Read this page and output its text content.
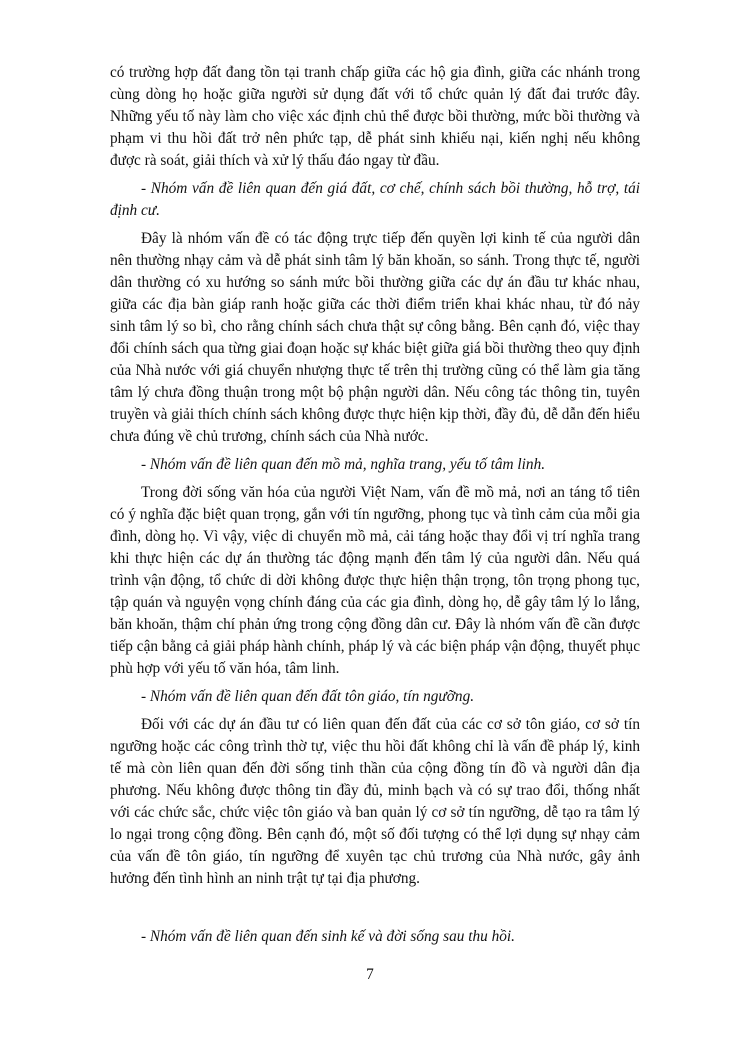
có trường hợp đất đang tồn tại tranh chấp giữa các hộ gia đình, giữa các nhánh trong cùng dòng họ hoặc giữa người sử dụng đất với tổ chức quản lý đất đai trước đây. Những yếu tố này làm cho việc xác định chủ thể được bồi thường, mức bồi thường và phạm vi thu hồi đất trở nên phức tạp, dễ phát sinh khiếu nại, kiến nghị nếu không được rà soát, giải thích và xử lý thấu đáo ngay từ đầu.

- Nhóm vấn đề liên quan đến giá đất, cơ chế, chính sách bồi thường, hỗ trợ, tái định cư.

Đây là nhóm vấn đề có tác động trực tiếp đến quyền lợi kinh tế của người dân nên thường nhạy cảm và dễ phát sinh tâm lý băn khoăn, so sánh. Trong thực tế, người dân thường có xu hướng so sánh mức bồi thường giữa các dự án đầu tư khác nhau, giữa các địa bàn giáp ranh hoặc giữa các thời điểm triển khai khác nhau, từ đó nảy sinh tâm lý so bì, cho rằng chính sách chưa thật sự công bằng. Bên cạnh đó, việc thay đổi chính sách qua từng giai đoạn hoặc sự khác biệt giữa giá bồi thường theo quy định của Nhà nước với giá chuyển nhượng thực tế trên thị trường cũng có thể làm gia tăng tâm lý chưa đồng thuận trong một bộ phận người dân. Nếu công tác thông tin, tuyên truyền và giải thích chính sách không được thực hiện kịp thời, đầy đủ, dễ dẫn đến hiểu chưa đúng về chủ trương, chính sách của Nhà nước.

- Nhóm vấn đề liên quan đến mồ mả, nghĩa trang, yếu tố tâm linh.

Trong đời sống văn hóa của người Việt Nam, vấn đề mồ mả, nơi an táng tổ tiên có ý nghĩa đặc biệt quan trọng, gắn với tín ngưỡng, phong tục và tình cảm của mỗi gia đình, dòng họ. Vì vậy, việc di chuyển mồ mả, cải táng hoặc thay đổi vị trí nghĩa trang khi thực hiện các dự án thường tác động mạnh đến tâm lý của người dân. Nếu quá trình vận động, tổ chức di dời không được thực hiện thận trọng, tôn trọng phong tục, tập quán và nguyện vọng chính đáng của các gia đình, dòng họ, dễ gây tâm lý lo lắng, băn khoăn, thậm chí phản ứng trong cộng đồng dân cư. Đây là nhóm vấn đề cần được tiếp cận bằng cả giải pháp hành chính, pháp lý và các biện pháp vận động, thuyết phục phù hợp với yếu tố văn hóa, tâm linh.

- Nhóm vấn đề liên quan đến đất tôn giáo, tín ngưỡng.

Đối với các dự án đầu tư có liên quan đến đất của các cơ sở tôn giáo, cơ sở tín ngưỡng hoặc các công trình thờ tự, việc thu hồi đất không chỉ là vấn đề pháp lý, kinh tế mà còn liên quan đến đời sống tinh thần của cộng đồng tín đồ và người dân địa phương. Nếu không được thông tin đầy đủ, minh bạch và có sự trao đổi, thống nhất với các chức sắc, chức việc tôn giáo và ban quản lý cơ sở tín ngưỡng, dễ tạo ra tâm lý lo ngại trong cộng đồng. Bên cạnh đó, một số đối tượng có thể lợi dụng sự nhạy cảm của vấn đề tôn giáo, tín ngưỡng để xuyên tạc chủ trương của Nhà nước, gây ảnh hưởng đến tình hình an ninh trật tự tại địa phương.

- Nhóm vấn đề liên quan đến sinh kế và đời sống sau thu hồi.

7
